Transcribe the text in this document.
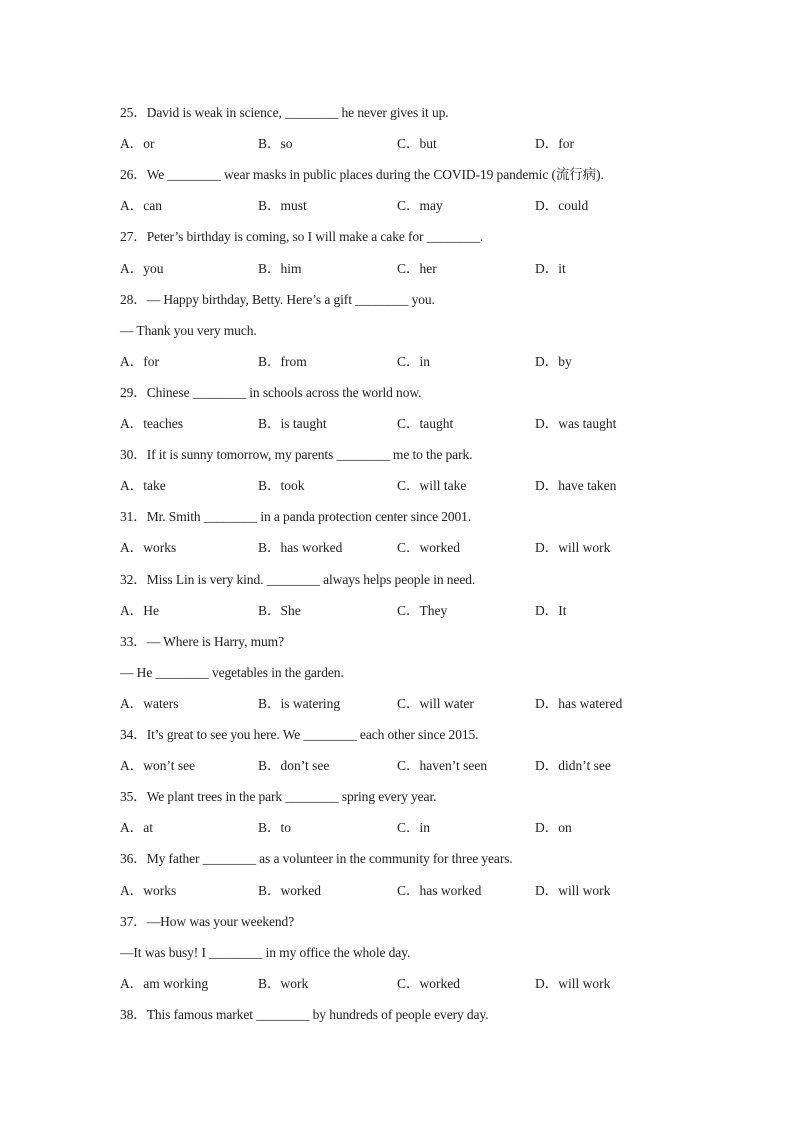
25．David is weak in science, ________ he never gives it up.
A．or	B．so	C．but	D．for
26．We ________ wear masks in public places during the COVID-19 pandemic (流行病).
A．can	B．must	C．may	D．could
27．Peter’s birthday is coming, so I will make a cake for ________.
A．you	B．him	C．her	D．it
28．— Happy birthday, Betty. Here’s a gift ________ you.
— Thank you very much.
A．for	B．from	C．in	D．by
29．Chinese ________ in schools across the world now.
A．teaches	B．is taught	C．taught	D．was taught
30．If it is sunny tomorrow, my parents ________ me to the park.
A．take	B．took	C．will take	D．have taken
31．Mr. Smith ________ in a panda protection center since 2001.
A．works	B．has worked	C．worked	D．will work
32．Miss Lin is very kind. ________ always helps people in need.
A．He	B．She	C．They	D．It
33．— Where is Harry, mum?
— He ________ vegetables in the garden.
A．waters	B．is watering	C．will water	D．has watered
34．It’s great to see you here. We ________ each other since 2015.
A．won’t see	B．don’t see	C．haven’t seen	D．didn’t see
35．We plant trees in the park ________ spring every year.
A．at	B．to	C．in	D．on
36．My father ________ as a volunteer in the community for three years.
A．works	B．worked	C．has worked	D．will work
37．—How was your weekend?
—It was busy! I ________ in my office the whole day.
A．am working	B．work	C．worked	D．will work
38．This famous market ________ by hundreds of people every day.
